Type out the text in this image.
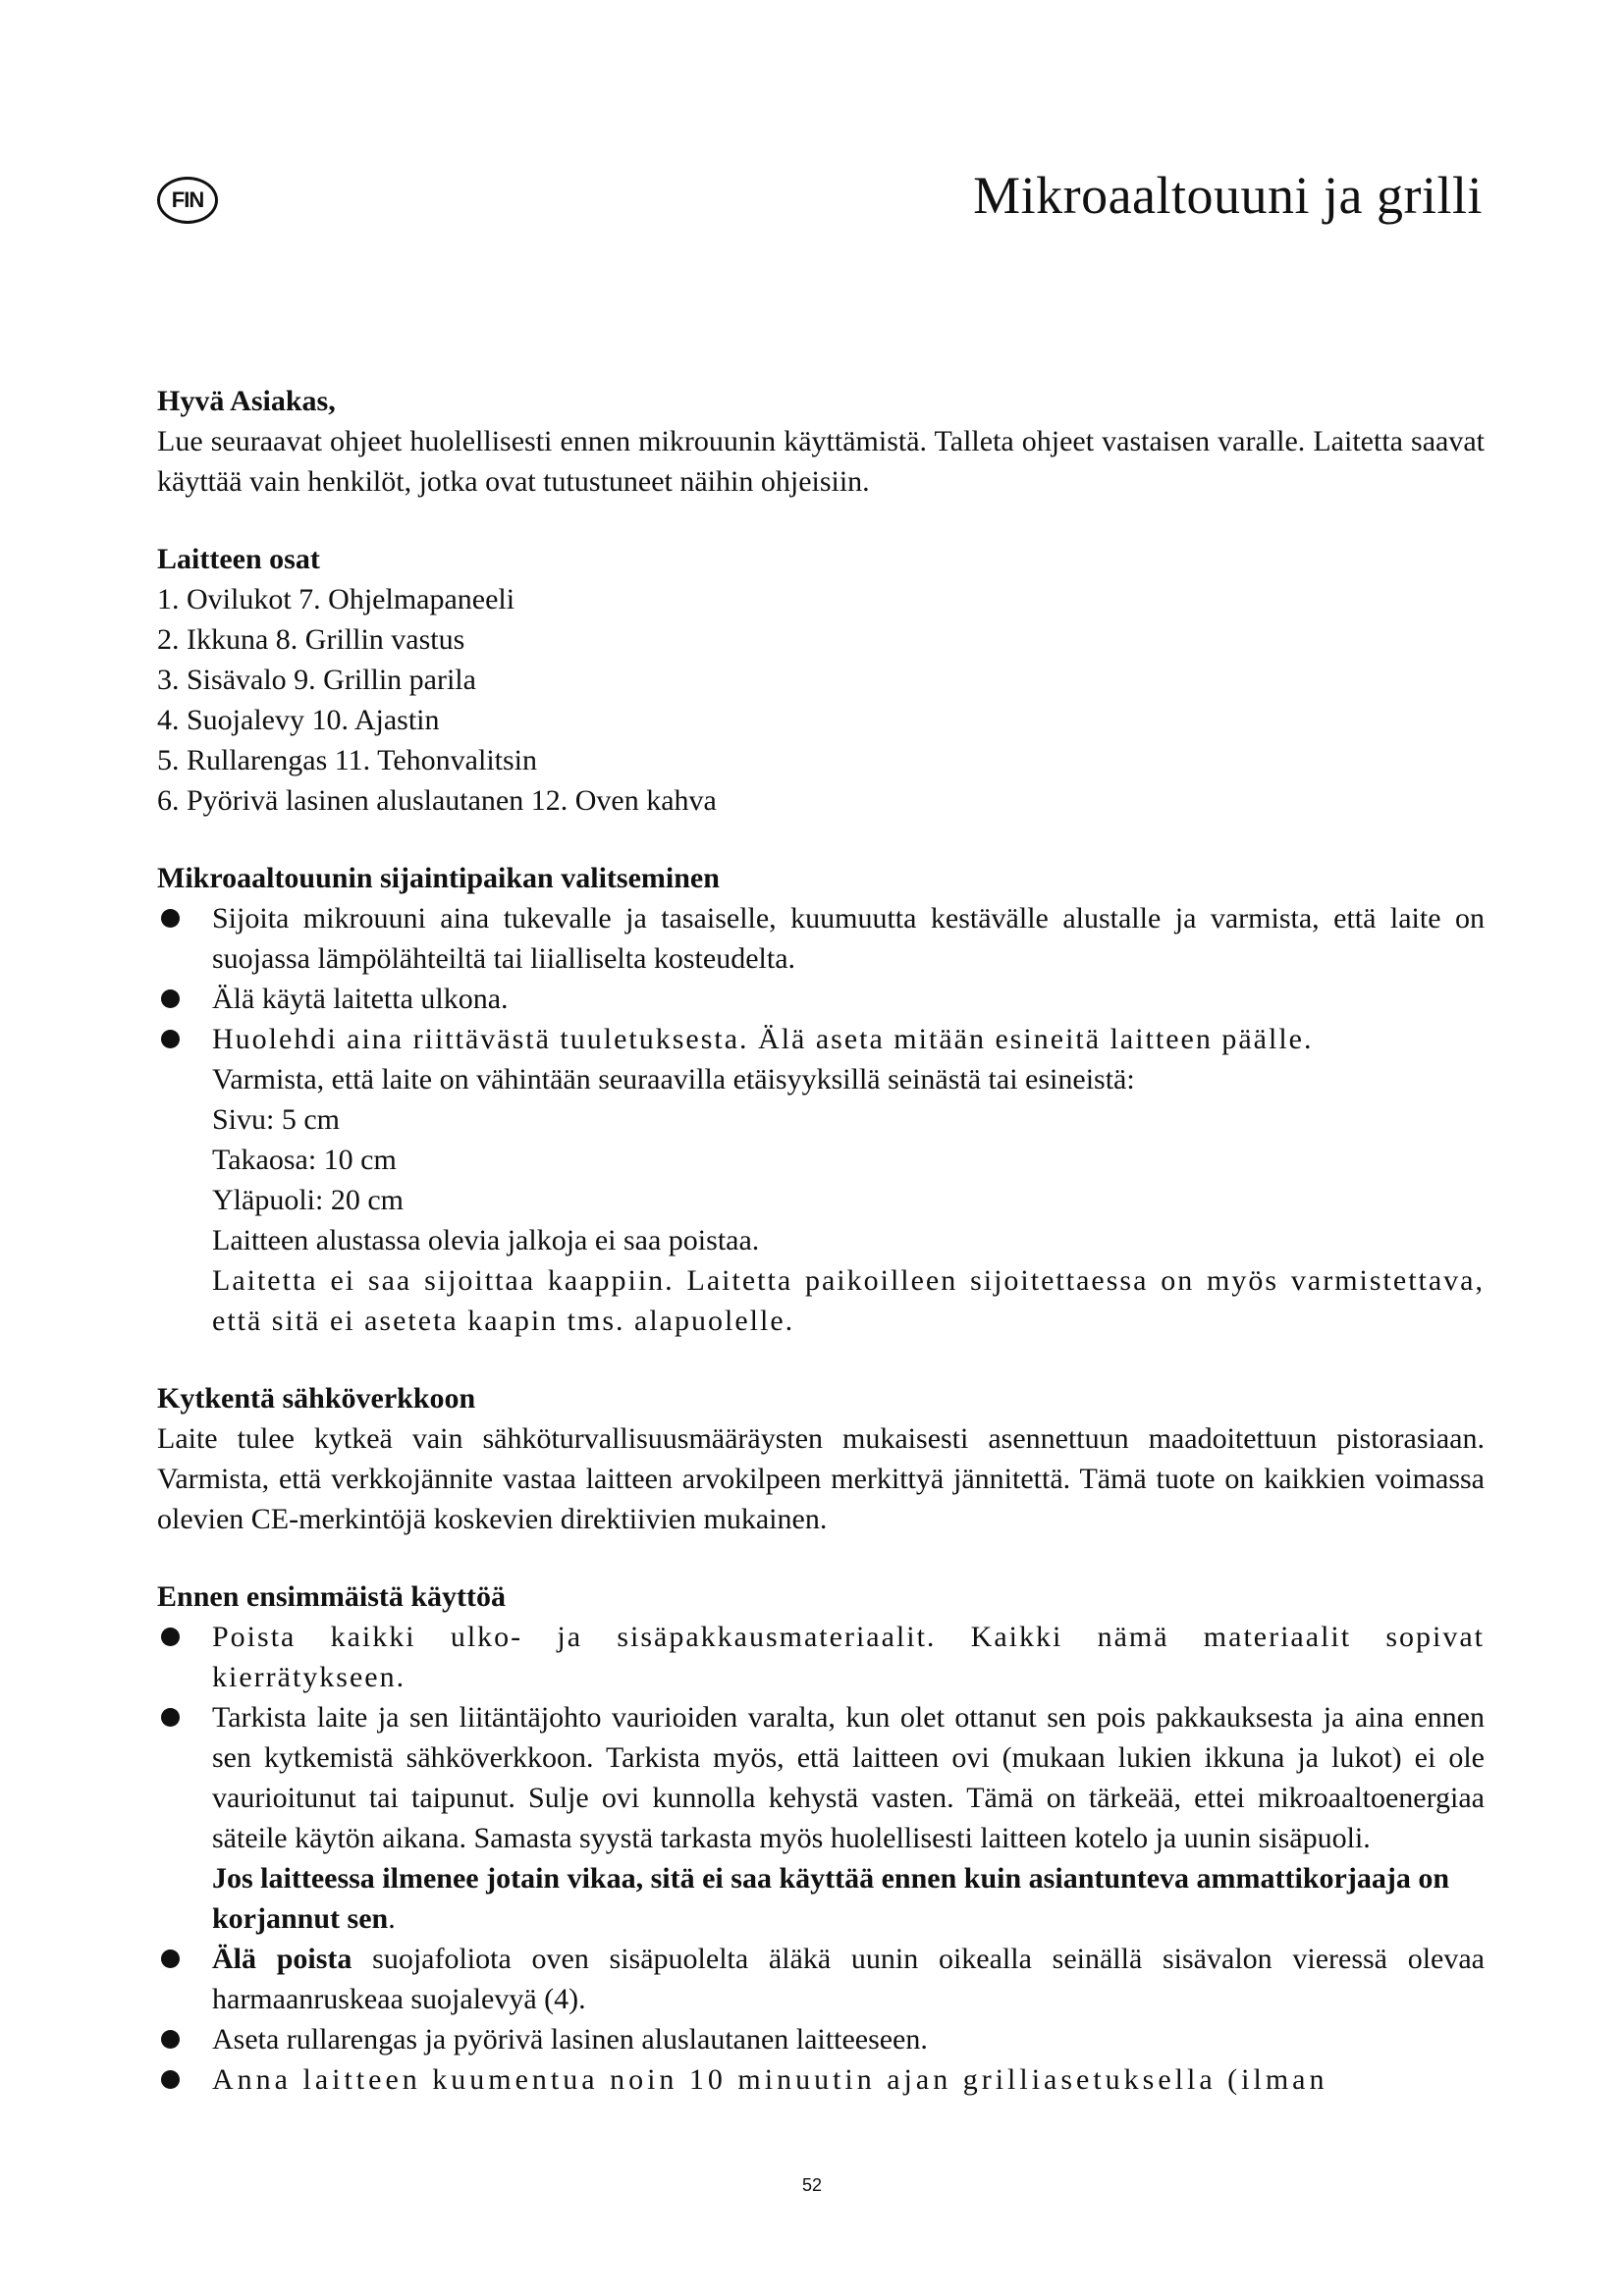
FIN	Mikroaaltouuni ja grilli
Hyvä Asiakas,

Lue seuraavat ohjeet huolellisesti ennen mikrouunin käyttämistä. Talleta ohjeet vastaisen varalle. Laitetta saavat käyttää vain henkilöt, jotka ovat tutustuneet näihin ohjeisiin.

Laitteen osat

1. Ovilukot 7. Ohjelmapaneeli

2. Ikkuna 8. Grillin vastus

3. Sisävalo 9. Grillin parila

4. Suojalevy 10. Ajastin

5. Rullarengas 11. Tehonvalitsin

6. Pyörivä lasinen aluslautanen 12. Oven kahva

Mikroaaltouunin sijaintipaikan valitseminen
Sijoita mikrouuni aina tukevalle ja tasaiselle, kuumuutta kestävälle alustalle ja varmista, että laite on suojassa lämpölähteiltä tai liialliselta kosteudelta.
Älä käytä laitetta ulkona.
Huolehdi aina riittävästä tuuletuksesta. Älä aseta mitään esineitä laitteen päälle.
Varmista, että laite on vähintään seuraavilla etäisyyksillä seinästä tai esineistä:
Sivu: 5 cm
Takaosa: 10 cm
Yläpuoli: 20 cm
Laitteen alustassa olevia jalkoja ei saa poistaa.
Laitetta ei saa sijoittaa kaappiin. Laitetta paikoilleen sijoitettaessa on myös varmistettava, että sitä ei aseteta kaapin tms. alapuolelle.
Kytkentä sähköverkkoon

Laite tulee kytkeä vain sähköturvallisuusmääräysten mukaisesti asennettuun maadoitettuun pistorasiaan. Varmista, että verkkojännite vastaa laitteen arvokilpeen merkittyä jännitettä. Tämä tuote on kaikkien voimassa olevien CE-merkintöjä koskevien direktiivien mukainen.

Ennen ensimmäistä käyttöä
Poista kaikki ulko- ja sisäpakkausmateriaalit. Kaikki nämä materiaalit sopivat kierrätykseen.
Tarkista laite ja sen liitäntäjohto vaurioiden varalta, kun olet ottanut sen pois pakkauksesta ja aina ennen sen kytkemistä sähköverkkoon. Tarkista myös, että laitteen ovi (mukaan lukien ikkuna ja lukot) ei ole vaurioitunut tai taipunut. Sulje ovi kunnolla kehystä vasten. Tämä on tärkeää, ettei mikroaaltoenergiaa säteile käytön aikana. Samasta syystä tarkasta myös huolellisesti laitteen kotelo ja uunin sisäpuoli.
Jos laitteessa ilmenee jotain vikaa, sitä ei saa käyttää ennen kuin asiantunteva ammattikorjaaja on korjannut sen.
Älä poista suojafoliota oven sisäpuolelta äläkä uunin oikealla seinällä sisävalon vieressä olevaa harmaanruskeaa suojalevyä (4).
Aseta rullarengas ja pyörivä lasinen aluslautanen laitteeseen.
Anna laitteen kuumentua noin 10 minuutin ajan grilliasetuksella (ilman
52
